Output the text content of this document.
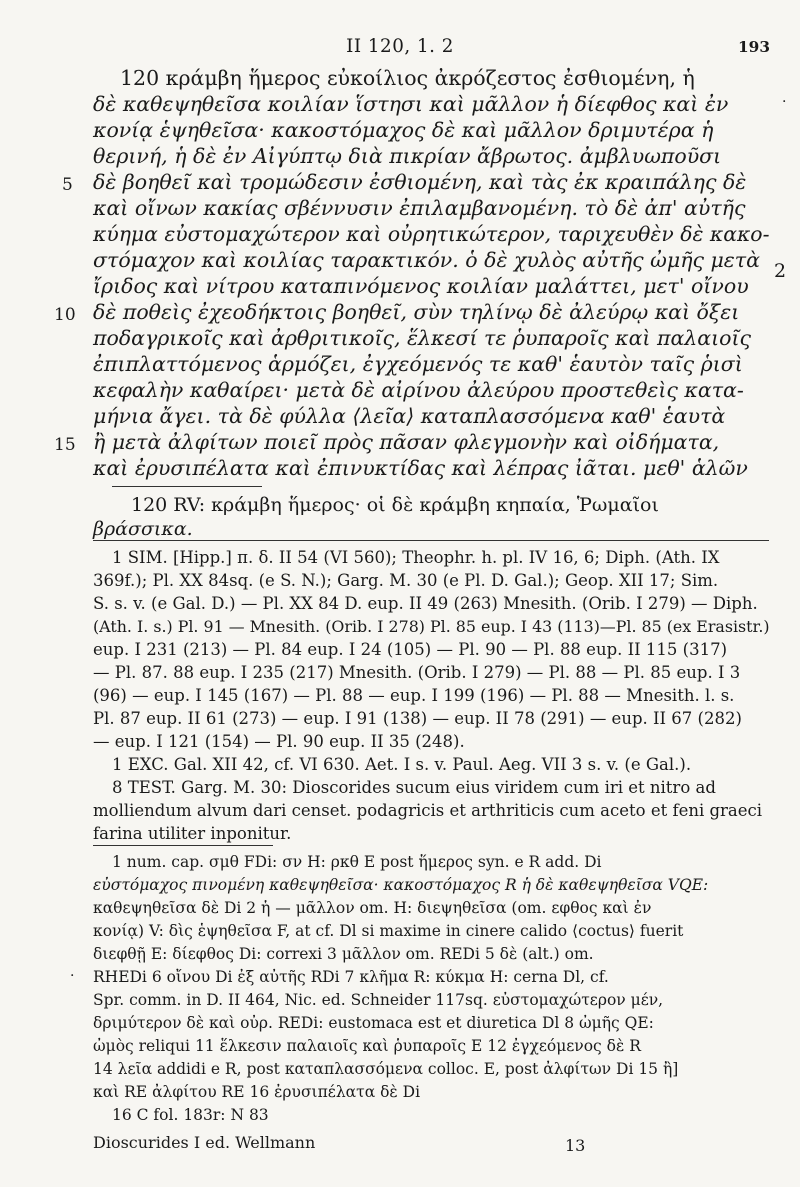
II 120, 1. 2	193
120 κράμβη ἥμερος εὐκοίλιος ἀκρόζεστος ἐσθιομένη, ἡ
δὲ καθεψηθεῖσα κοιλίαν ἵστησι καὶ μᾶλλον ἡ δίεφθος καὶ ἐν
κονίᾳ ἑψηθεῖσα· κακοστόμαχος δὲ καὶ μᾶλλον δριμυτέρα ἡ
θερινή, ἡ δὲ ἐν Αἰγύπτῳ διὰ πικρίαν ἄβρωτος. ἀμβλυωποῦσι
δὲ βοηθεῖ καὶ τρομώδεσιν ἐσθιομένη, καὶ τὰς ἐκ κραιπάλης δὲ
καὶ οἴνων κακίας σβέννυσιν ἐπιλαμβανομένη. τὸ δὲ ἀπ' αὐτῆς
κύημα εὐστομαχώτερον καὶ οὐρητικώτερον, ταριχευθὲν δὲ κακο-
στόμαχον καὶ κοιλίας ταρακτικόν. ὁ δὲ χυλὸς αὐτῆς ὠμῆς μετὰ
ἴριδος καὶ νίτρου καταπινόμενος κοιλίαν μαλάττει, μετ' οἴνου
δὲ ποθεὶς ἐχεοδήκτοις βοηθεῖ, σὺν τηλίνῳ δὲ ἀλεύρῳ καὶ ὄξει
ποδαγρικοῖς καὶ ἀρθριτικοῖς, ἕλκεσί τε ῥυπαροῖς καὶ παλαιοῖς
ἐπιπλαττόμενος ἁρμόζει, ἐγχεόμενός τε καθ' ἑαυτὸν ταῖς ῥισὶ
κεφαλὴν καθαίρει· μετὰ δὲ αἰρίνου ἀλεύρου προστεθεὶς κατα-
μήνια ἄγει. τὰ δὲ φύλλα ⟨λεῖα⟩ καταπλασσόμενα καθ' ἑαυτὰ
ἢ μετὰ ἀλφίτων ποιεῖ πρὸς πᾶσαν φλεγμονὴν καὶ οἰδήματα,
καὶ ἐρυσιπέλατα καὶ ἐπινυκτίδας καὶ λέπρας ἰᾶται. μεθ' ἁλῶν
5
10
15
2
120 RV: κράμβη ἥμερος· οἱ δὲ κράμβη κηπαία, Ῥωμαῖοι
βράσσικα.
1 SIM. [Hipp.] π. δ. II 54 (VI 560); Theophr. h. pl. IV 16, 6; Diph. (Ath. IX
369f.); Pl. XX 84sq. (e S. N.); Garg. M. 30 (e Pl. D. Gal.); Geop. XII 17; Sim.
S. s. v. (e Gal. D.) — Pl. XX 84 D. eup. II 49 (263) Mnesith. (Orib. I 279) — Diph.
(Ath. I. s.) Pl. 91 — Mnesith. (Orib. I 278) Pl. 85 eup. I 43 (113)—Pl. 85 (ex Erasistr.)
eup. I 231 (213) — Pl. 84 eup. I 24 (105) — Pl. 90 — Pl. 88 eup. II 115 (317)
— Pl. 87. 88 eup. I 235 (217) Mnesith. (Orib. I 279) — Pl. 88 — Pl. 85 eup. I 3
(96) — eup. I 145 (167) — Pl. 88 — eup. I 199 (196) — Pl. 88 — Mnesith. l. s.
Pl. 87 eup. II 61 (273) — eup. I 91 (138) — eup. II 78 (291) — eup. II 67 (282)
— eup. I 121 (154) — Pl. 90 eup. II 35 (248).
1 EXC. Gal. XII 42, cf. VI 630. Aet. I s. v. Paul. Aeg. VII 3 s. v. (e Gal.).
8 TEST. Garg. M. 30: Dioscorides sucum eius viridem cum iri et nitro ad
molliendum alvum dari censet. podagricis et arthriticis cum aceto et feni graeci
farina utiliter inponitur.
1 num. cap. σμθ FDi: σν H: ρκθ E post ἥμερος syn. e R add. Di
εὐστόμαχος πινομένη καθεψηθεῖσα· κακοστόμαχος R ἡ δὲ καθεψηθεῖσα VQE:
καθεψηθεῖσα δὲ Di 2 ἡ — μᾶλλον om. H: διεψηθεῖσα (om. εφθος καὶ ἐν
κονίᾳ) V: δὶς ἑψηθεῖσα F, at cf. Dl si maxime in cinere calido ⟨coctus⟩ fuerit
διεφθῇ E: δίεφθος Di: correxi 3 μᾶλλον om. REDi 5 δὲ (alt.) om.
RHEDi 6 οἴνου Di ἐξ αὐτῆς RDi 7 κλῆμα R: κύκμα H: cerna Dl, cf.
Spr. comm. in D. II 464, Nic. ed. Schneider 117sq. εὐστομαχώτερον μέν,
δριμύτερον δὲ καὶ οὐρ. REDi: eustomaca est et diuretica Dl 8 ὠμῆς QE:
ὠμὸς reliqui 11 ἕλκεσιν παλαιοῖς καὶ ῥυπαροῖς E 12 ἐγχεόμενος δὲ R
14 λεῖα addidi e R, post καταπλασσόμενα colloc. E, post ἀλφίτων Di 15 ἢ]
καὶ RE ἀλφίτου RE 16 ἐρυσιπέλατα δὲ Di
16 C fol. 183r: N 83
Dioscurides I ed. Wellmann	13
·
·
